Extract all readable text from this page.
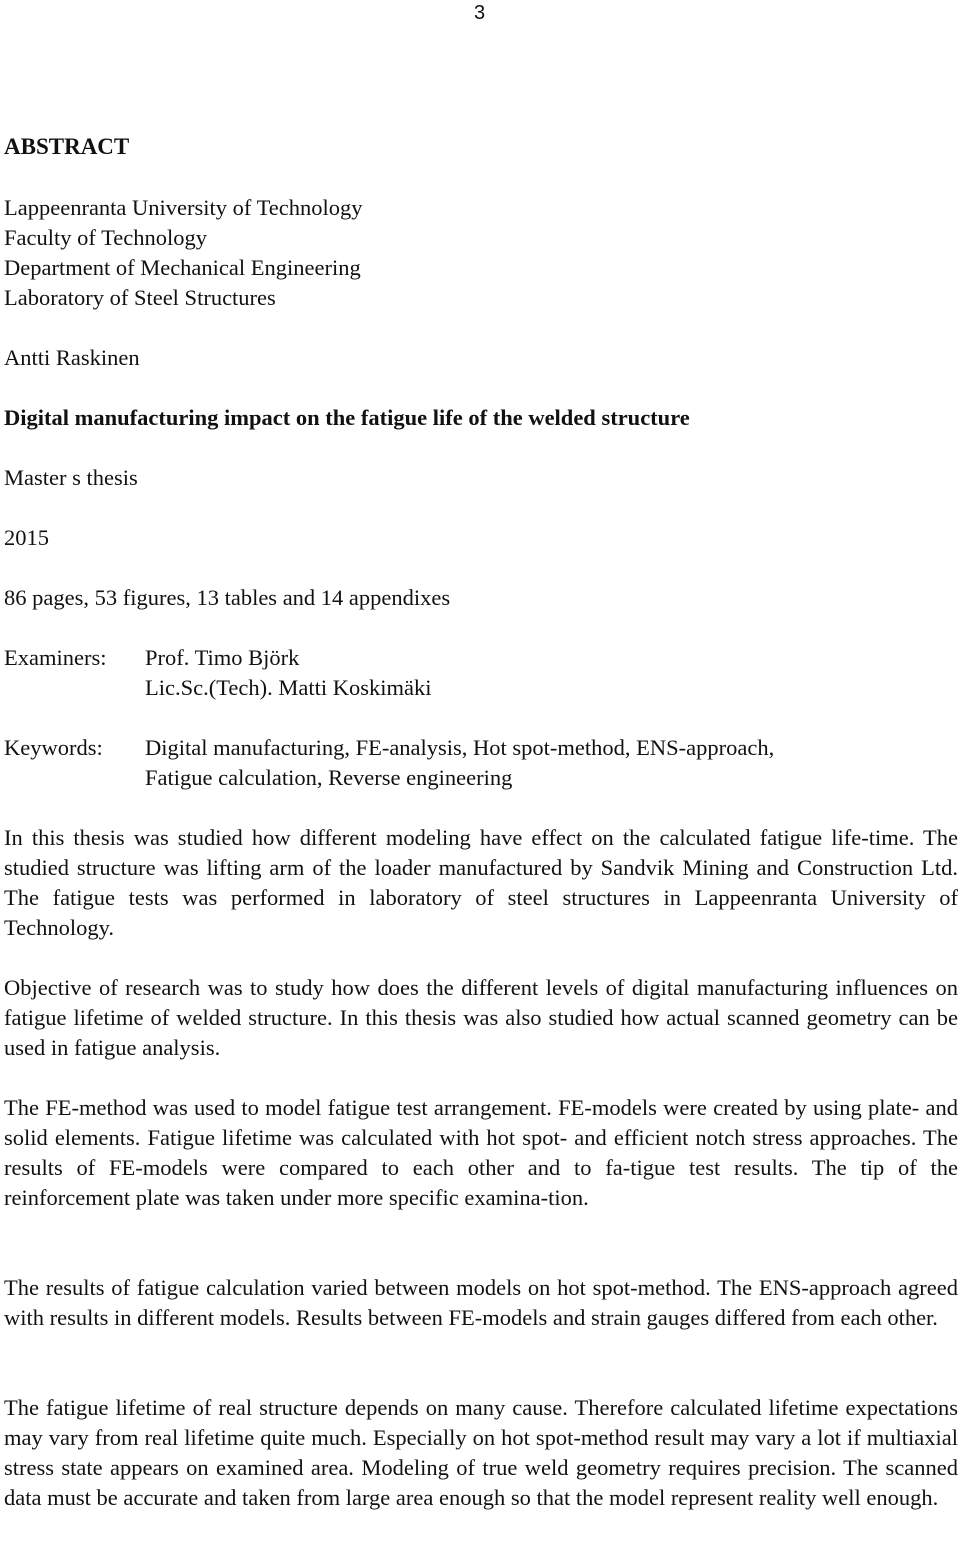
3
ABSTRACT
Lappeenranta University of Technology
Faculty of Technology
Department of Mechanical Engineering
Laboratory of Steel Structures
Antti Raskinen
Digital manufacturing impact on the fatigue life of the welded structure
Master s thesis
2015
86 pages, 53 figures, 13 tables and 14 appendixes
Examiners: Prof. Timo Björk
Lic.Sc.(Tech). Matti Koskimäki
Keywords: Digital manufacturing, FE-analysis, Hot spot-method, ENS-approach,
Fatigue calculation, Reverse engineering

In this thesis was studied how different modeling have effect on the calculated fatigue life-time. The studied structure was lifting arm of the loader manufactured by Sandvik Mining and Construction Ltd. The fatigue tests was performed in laboratory of steel structures in Lappeenranta University of Technology.

Objective of research was to study how does the different levels of digital manufacturing influences on fatigue lifetime of welded structure. In this thesis was also studied how actual scanned geometry can be used in fatigue analysis.

The FE-method was used to model fatigue test arrangement. FE-models were created by using plate- and solid elements. Fatigue lifetime was calculated with hot spot- and efficient notch stress approaches. The results of FE-models were compared to each other and to fa-tigue test results. The tip of the reinforcement plate was taken under more specific examina-tion.

The results of fatigue calculation varied between models on hot spot-method. The ENS-approach agreed with results in different models. Results between FE-models and strain gauges differed from each other.

The fatigue lifetime of real structure depends on many cause. Therefore calculated lifetime expectations may vary from real lifetime quite much. Especially on hot spot-method result may vary a lot if multiaxial stress state appears on examined area. Modeling of true weld geometry requires precision. The scanned data must be accurate and taken from large area enough so that the model represent reality well enough.
